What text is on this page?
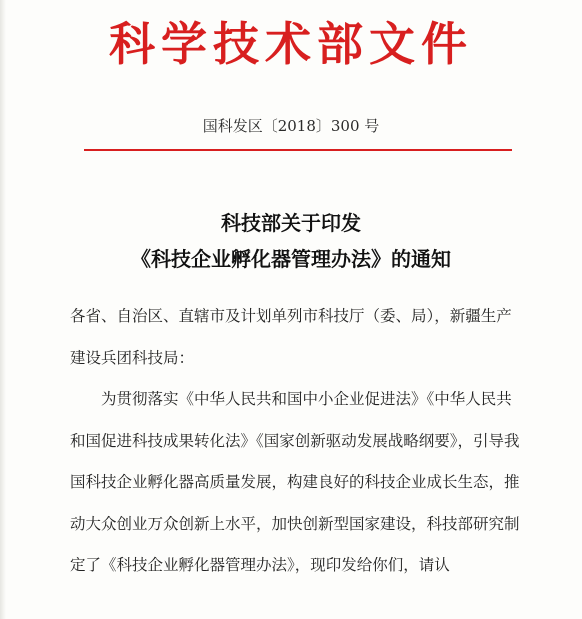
科学技术部文件
国科发区〔2018〕300 号
科技部关于印发
《科技企业孵化器管理办法》的通知

各省、自治区、直辖市及计划单列市科技厅（委、局），新疆生产建设兵团科技局：

为贯彻落实《中华人民共和国中小企业促进法》《中华人民共和国促进科技成果转化法》《国家创新驱动发展战略纲要》，引导我国科技企业孵化器高质量发展，构建良好的科技企业成长生态，推动大众创业万众创新上水平，加快创新型国家建设，科技部研究制定了《科技企业孵化器管理办法》，现印发给你们，请认
